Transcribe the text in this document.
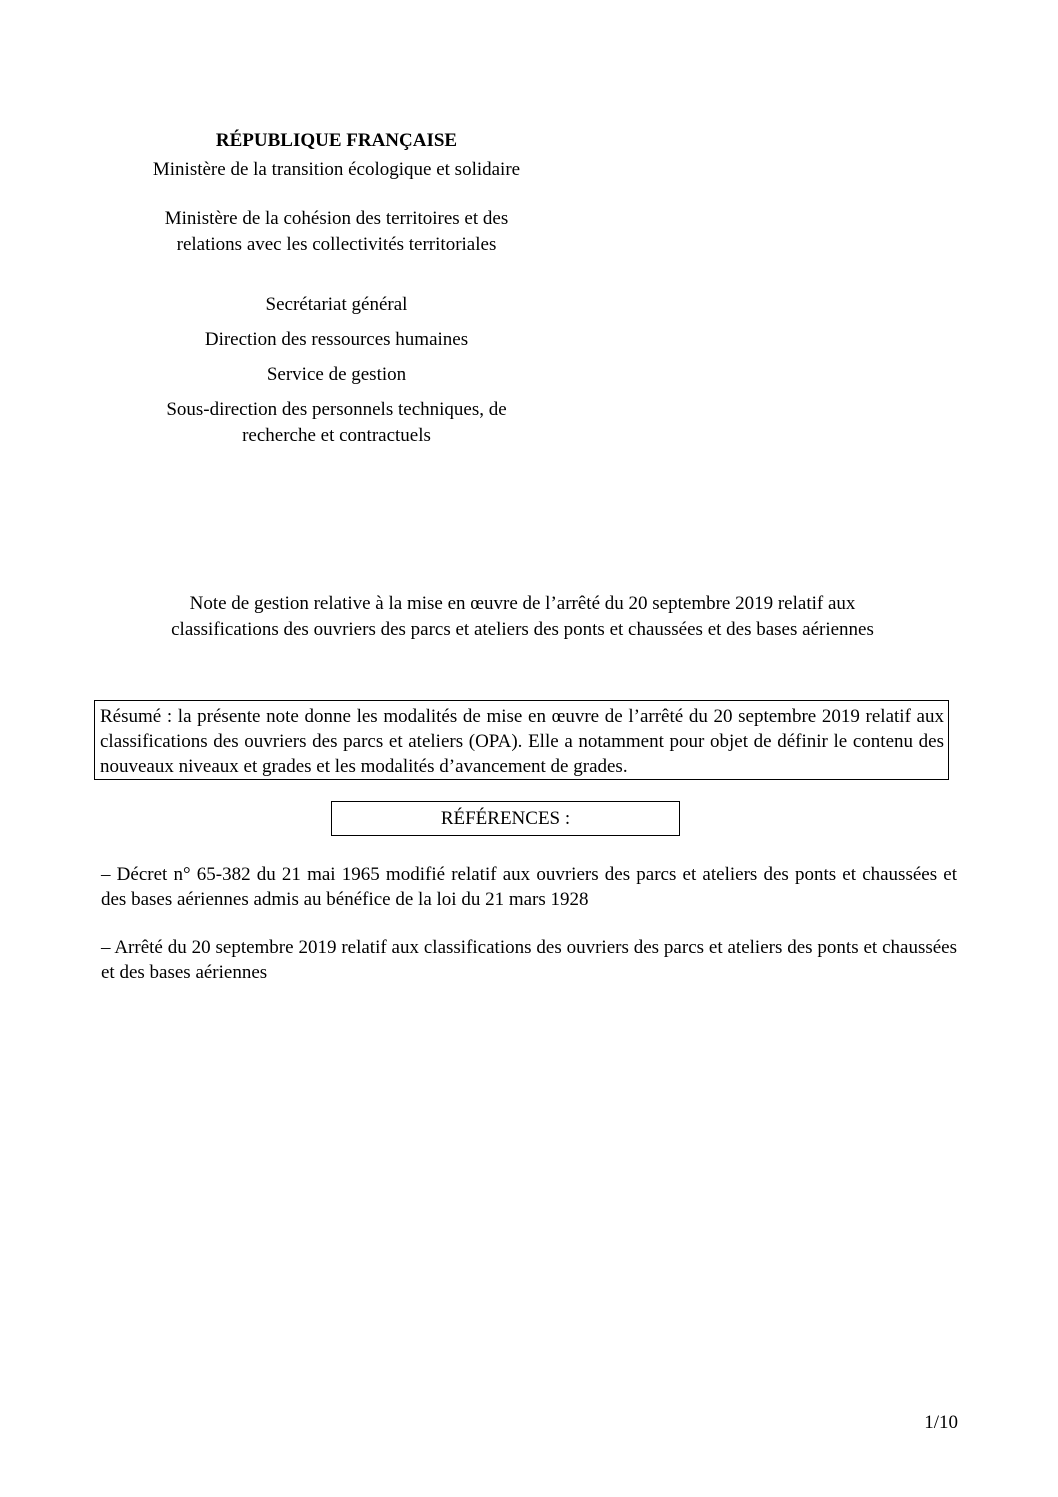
RÉPUBLIQUE FRANÇAISE

Ministère de la transition écologique et solidaire

Ministère de la cohésion des territoires et des

relations avec les collectivités territoriales

Secrétariat général

Direction des ressources humaines

Service de gestion

Sous-direction des personnels techniques, de

recherche et contractuels

Note de gestion relative à la mise en œuvre de l’arrêté du 20 septembre 2019 relatif aux
classifications des ouvriers des parcs et ateliers des ponts et chaussées et des bases aériennes
Résumé : la présente note donne les modalités de mise en œuvre de l’arrêté du 20 septembre 2019 relatif aux classifications des ouvriers des parcs et ateliers (OPA). Elle a notamment pour objet de définir le contenu des nouveaux niveaux et grades et les modalités d’avancement de grades.
RÉFÉRENCES :

– Décret n° 65-382 du 21 mai 1965 modifié relatif aux ouvriers des parcs et ateliers des ponts et chaussées et des bases aériennes admis au bénéfice de la loi du 21 mars 1928

– Arrêté du 20 septembre 2019 relatif aux classifications des ouvriers des parcs et ateliers des ponts et chaussées et des bases aériennes

1/10
